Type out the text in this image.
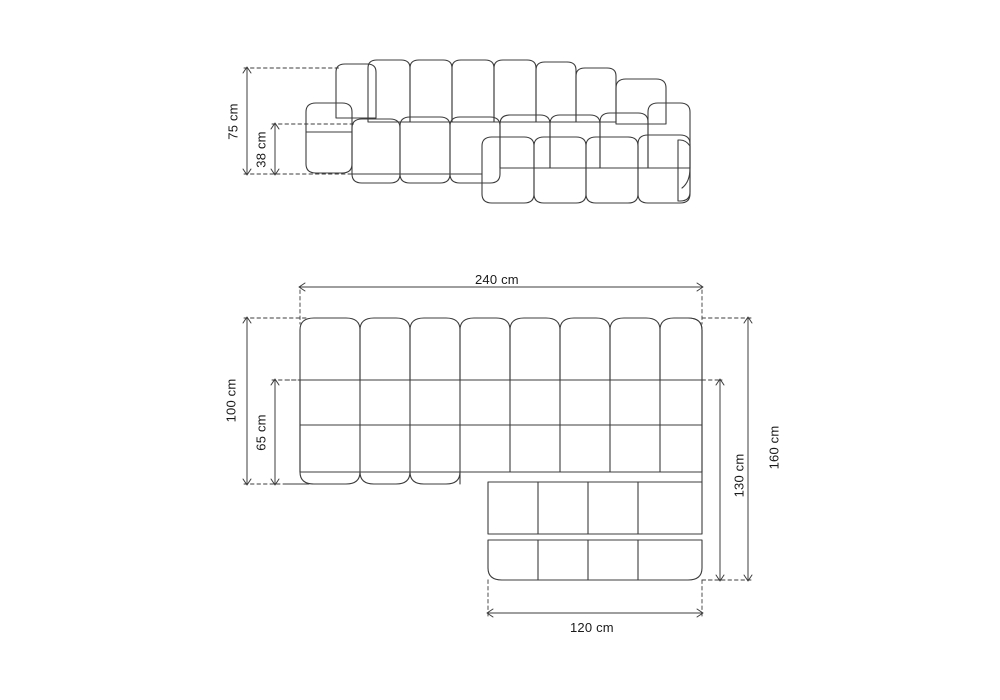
75 cm
38 cm
240 cm
100 cm
65 cm	160 cm
130 cm
120 cm
